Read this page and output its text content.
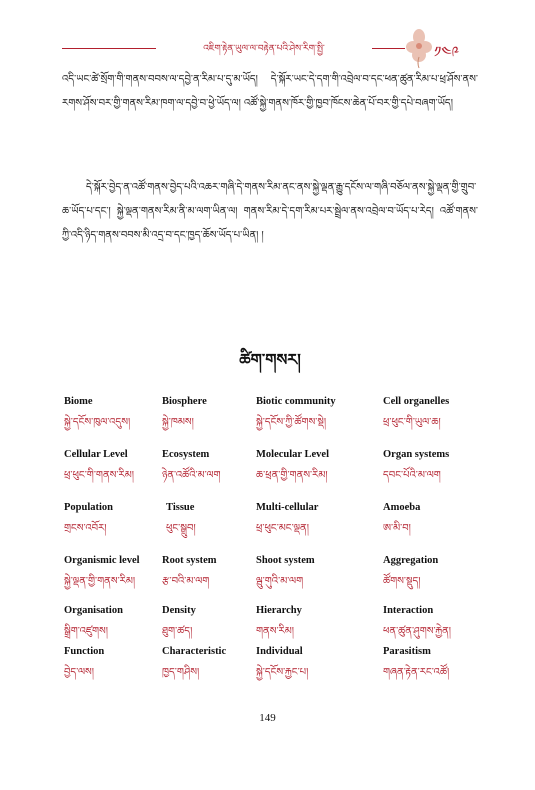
འཇིག་རྟེན་ཡུལ་ལ་བརྟེན་པའི་ཤེས་རིག་སྤྱི་	༡༤༩
འདི་ཡང་ཚེ་སྲོག་གི་གནས་བབས་ལ་དབྱེ་ན་རིམ་པ་དུ་མ་ཡོད། དེ་སྐོར་ཡང་དེ་དག་གི་འབྲེལ་བ་དང་ཕན་ཚུན་རིམ་པ་ཕྲ་ཤོས་ནས་རགས་ཤོས་བར་གྱི་གནས་རིམ་ཁག་ལ་དབྱེ་བ་ཕྱེ་ཡོད་ལ། འཚོ་སྐྱེ་གནས་ཁོར་གྱི་ཁྱབ་ཁོངས་ཆེན་པོ་བར་གྱི་དཔེ་བཞག་ཡོད།
དེ་སྐོར་བྱེད་ན་འཚོ་གནས་བྱེད་པའི་འཆར་གཞི་དེ་གནས་རིམ་ནང་ནས་སྐྱེ་ལྡན་རྒྱུ་དངོས་ལ་གཞི་བཅོལ་ནས་སྐྱེ་ལྡན་གྱི་གྲུབ་ཆ་ཡོད་པ་དང་། སྐྱེ་ལྡན་གནས་རིམ་ནི་མ་ལག་ཡིན་ལ། གནས་རིམ་དེ་དག་རིམ་པར་སྦྲེལ་ནས་འབྲེལ་བ་ཡོད་པ་རེད། འཚོ་གནས་ཀྱི་འདི་ཉིད་གནས་བབས་མི་འདྲ་བ་དང་ཁྱད་ཆོས་ཡོད་པ་ཡིན། །
ཚིག་གསར།
Biome
སྐྱེ་དངོས་ཁུལ་འདུས།
Biosphere
སྐྱེ་ཁམས།
Biotic community
སྐྱེ་དངོས་ཀྱི་ཚོགས་སྡེ།
Cell organelles
ཕྲ་ཕུང་གི་ཡུལ་ཆ།
Cellular Level
ཕྲ་ཕུང་གི་གནས་རིམ།
Ecosystem
ཉེན་འཚོའི་མ་ལག
Molecular Level
ཆ་ཕྲན་གྱི་གནས་རིམ།
Organ systems
དབང་པོའི་མ་ལག
Population
གྲངས་འབོར།
Tissue
ཕུང་སྒྲུབ།
Multi-cellular
ཕྲ་ཕུང་མང་ལྡན།
Amoeba
ཨ་མི་བ།
Organismic level
སྐྱེ་ལྡན་གྱི་གནས་རིམ།
Root system
རྩ་བའི་མ་ལག
Shoot system
ལྦུ་གུའི་མ་ལག
Aggregation
ཚོགས་སྡུད།
Organisation
སྒྲིག་འཛུགས།
Density
ཐུག་ཚད།
Hierarchy
གནས་རིམ།
Interaction
ཕན་ཚུན་ཤུགས་རྐྱེན།
Function
བྱེད་ལས།
Characteristic
ཁྱད་གཤིས།
Individual
སྐྱེ་དངོས་རྐྱང་པ།
Parasitism
གཞན་རྟེན་རང་འཚོ།
149
